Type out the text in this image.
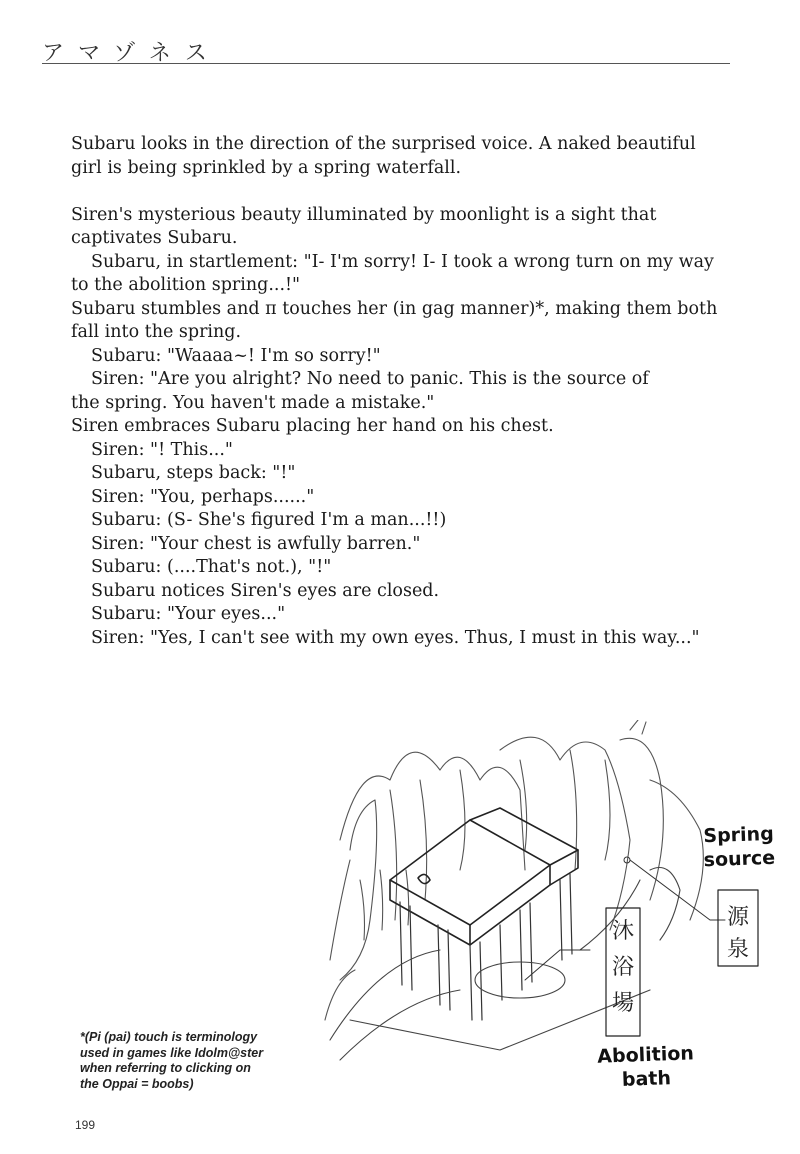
アマゾネス

Subaru looks in the direction of the surprised voice. A naked beautiful

girl is being sprinkled by a spring waterfall.

Siren's mysterious beauty illuminated by moonlight is a sight that

captivates Subaru.

Subaru, in startlement: "I- I'm sorry! I- I took a wrong turn on my way

to the abolition spring...!"

Subaru stumbles and π touches her (in gag manner)*, making them both

fall into the spring.

Subaru: "Waaaa~! I'm so sorry!"

Siren: "Are you alright? No need to panic. This is the source of

the spring. You haven't made a mistake."

Siren embraces Subaru placing her hand on his chest.

Siren: "! This..."

Subaru, steps back: "!"

Siren: "You, perhaps......"

Subaru: (S- She's figured I'm a man...!!)

Siren: "Your chest is awfully barren."

Subaru: (....That's not.), "!"

Subaru notices Siren's eyes are closed.

Subaru: "Your eyes..."

Siren: "Yes, I can't see with my own eyes. Thus, I must in this way..."

源
泉
沐
浴
場
Spring
source
Abolition
bath
*(Pi (pai) touch is terminology
used in games like Idolm@ster
when referring to clicking on
the Oppai = boobs)
199
